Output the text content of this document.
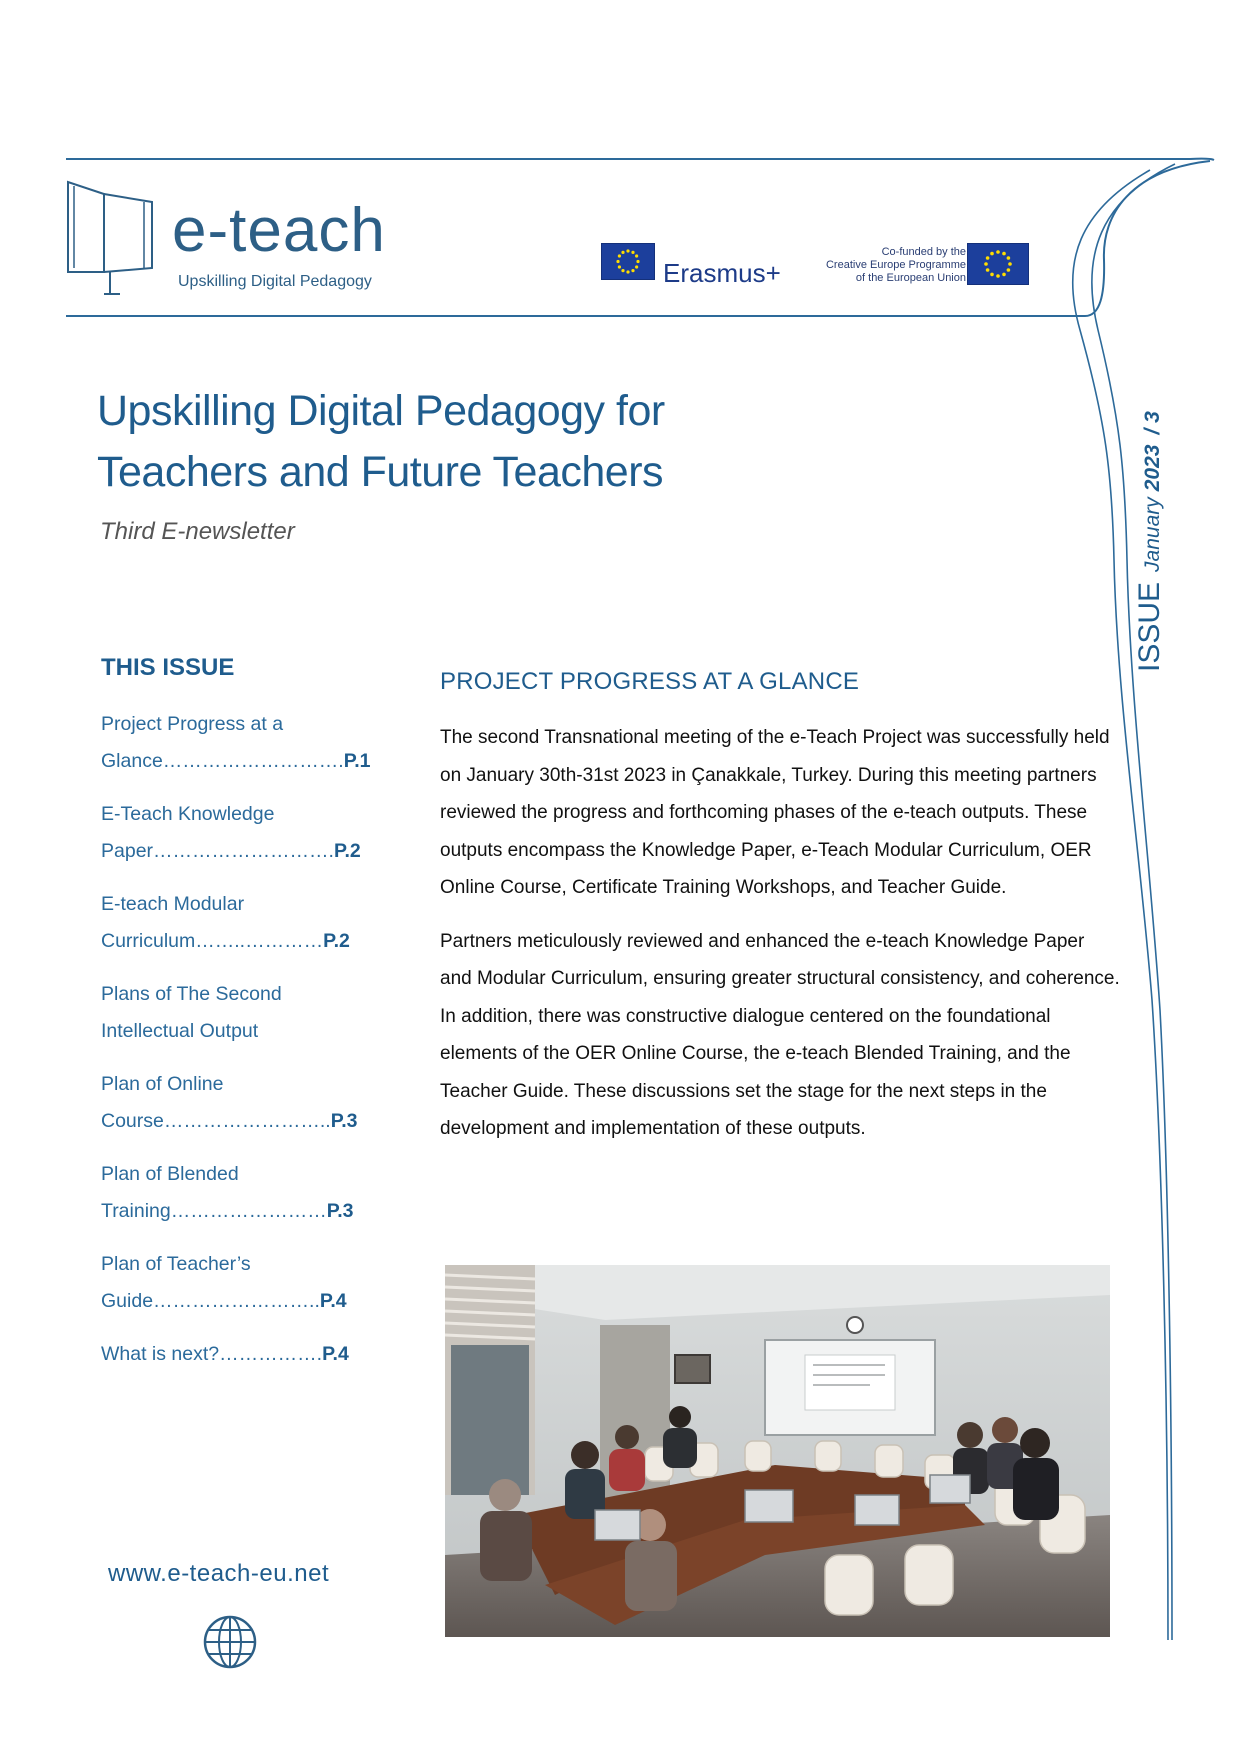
e-teach
Upskilling Digital Pedagogy	Erasmus+
Co-funded by the
Creative Europe Programme
of the European Union
Upskilling Digital Pedagogy for
Teachers and Future Teachers
Third E-newsletter
ISSUEJanuary2023/ 3
THIS ISSUE
Project Progress at a
Glance……………………….P.1
E-Teach Knowledge
Paper……………………….P.2
E-teach Modular
Curriculum……..…………P.2
Plans of The Second
Intellectual Output
Plan of Online
Course……………………..P.3
Plan of Blended
Training……………………P.3
Plan of Teacher’s
Guide……………………..P.4
What is next?…………….P.4
www.e-teach-eu.net
PROJECT PROGRESS AT A GLANCE

The second Transnational meeting of the e-Teach Project was successfully held on January 30th-31st 2023 in Çanakkale, Turkey. During this meeting partners reviewed the progress and forthcoming phases of the e-teach outputs. These outputs encompass the Knowledge Paper, e-Teach Modular Curriculum, OER Online Course, Certificate Training Workshops, and Teacher Guide.

Partners meticulously reviewed and enhanced the e-teach Knowledge Paper and Modular Curriculum, ensuring greater structural consistency, and coherence. In addition, there was constructive dialogue centered on the foundational elements of the OER Online Course, the e-teach Blended Training, and the Teacher Guide. These discussions set the stage for the next steps in the development and implementation of these outputs.
